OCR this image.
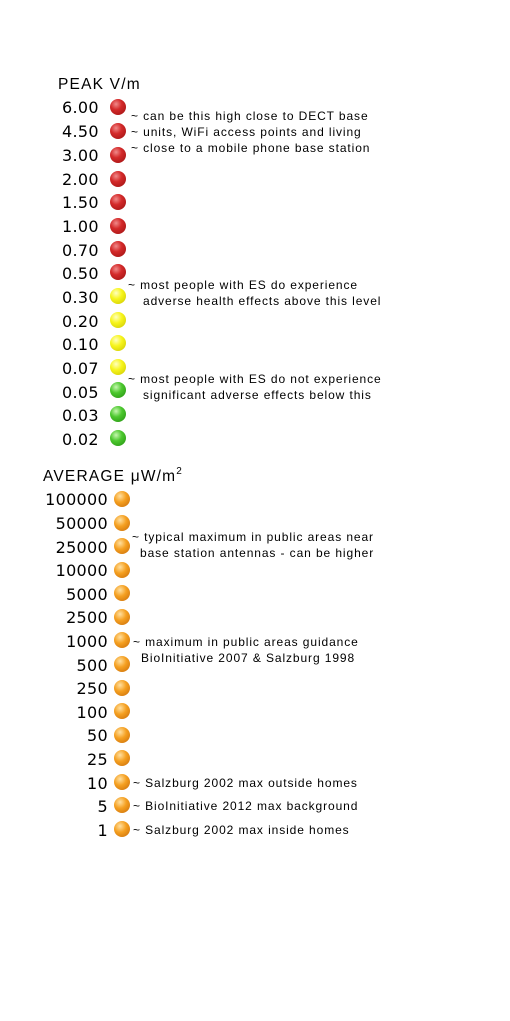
PEAK V/m
6.00
4.50
3.00
2.00
1.50
1.00
0.70
0.50
0.30
0.20
0.10
0.07
0.05
0.03
0.02
~ can be this high close to DECT base
~ units, WiFi access points and living
~ close to a mobile phone base station
~ most people with ES do experience
adverse health effects above this level
~ most people with ES do not experience
significant adverse effects below this
AVERAGE $\mu W/m^2$
100000
50000
25000
10000
5000
2500
1000
500
250
100
50
25
10
5
1
~ typical maximum in public areas near
base station antennas - can be higher
~ maximum in public areas guidance
BioInitiative 2007 & Salzburg 1998
~ Salzburg 2002 max outside homes
~ BioInitiative 2012 max background
~ Salzburg 2002 max inside homes
